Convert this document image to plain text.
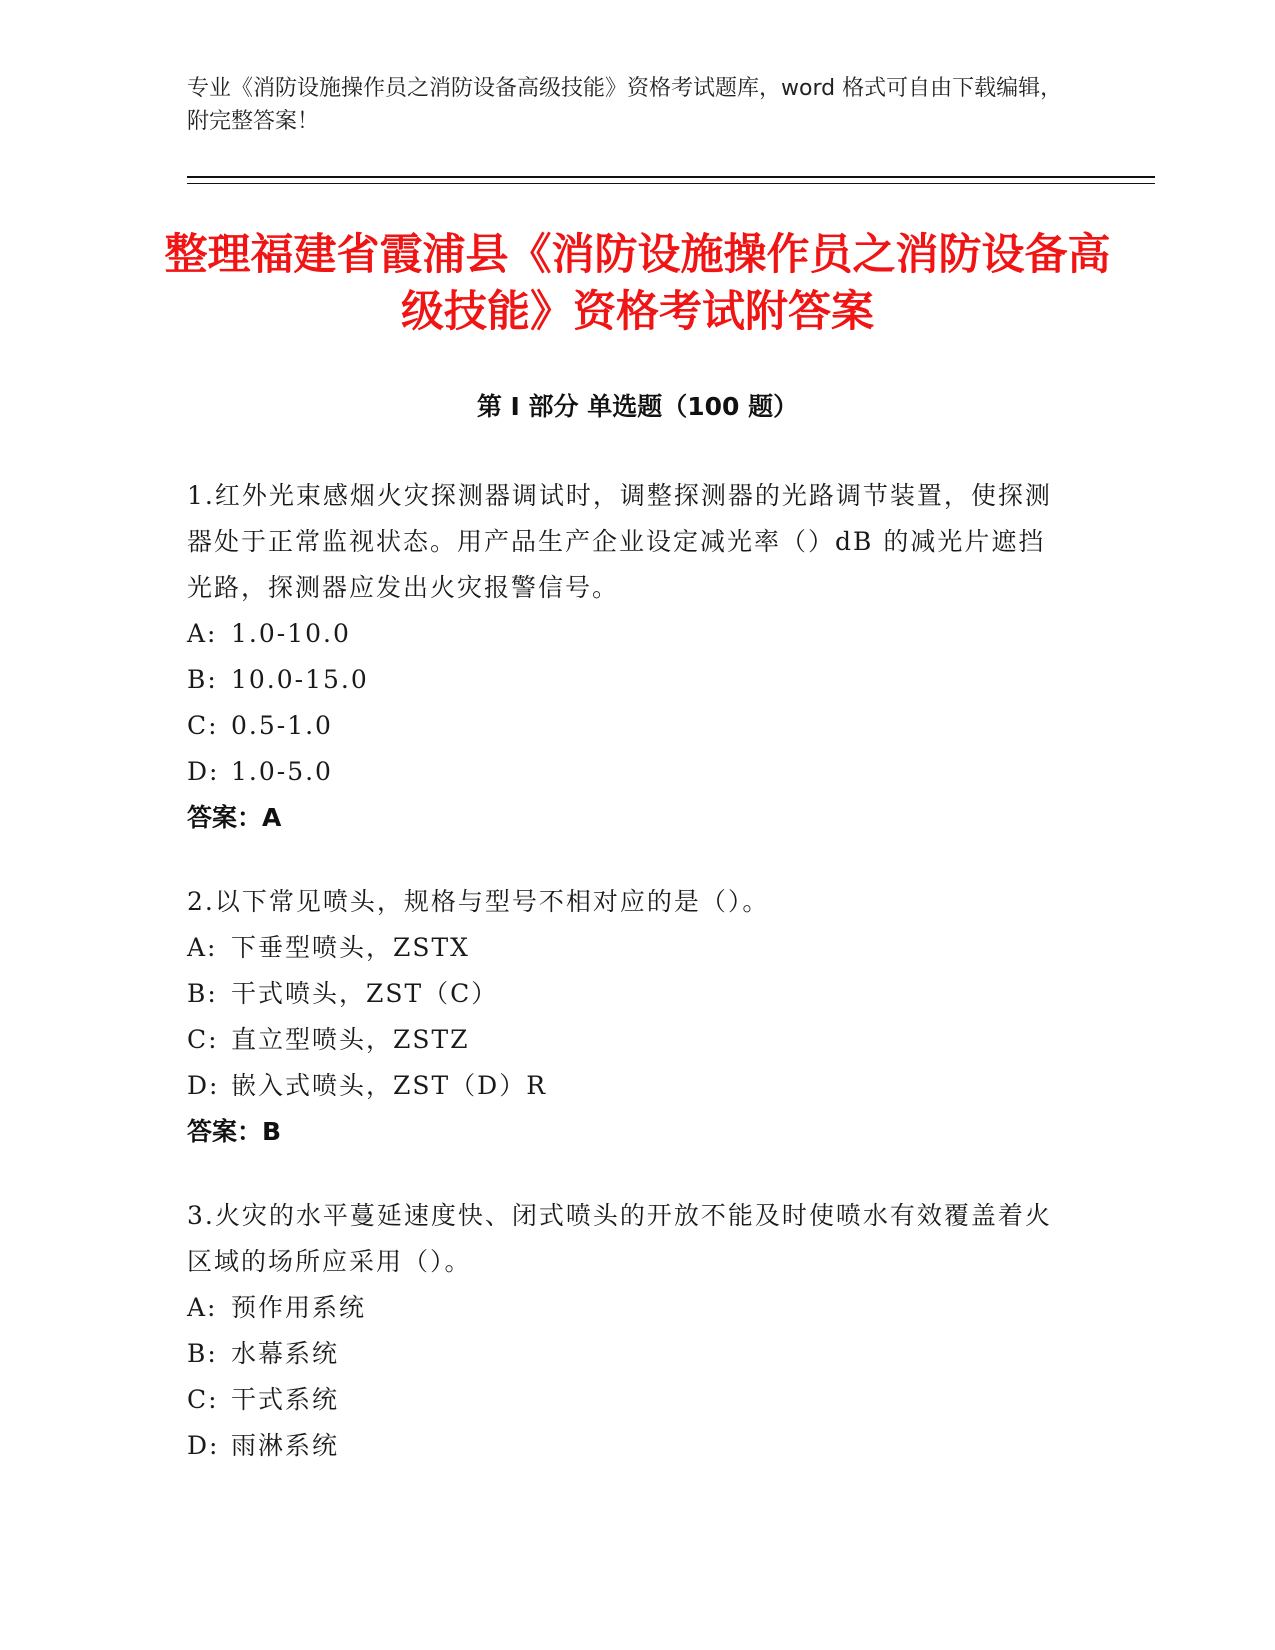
专业《消防设施操作员之消防设备高级技能》资格考试题库，word 格式可自由下载编辑，附完整答案！
整理福建省霞浦县《消防设施操作员之消防设备高级技能》资格考试附答案
第 I 部分 单选题（100 题）

1.红外光束感烟火灾探测器调试时，调整探测器的光路调节装置，使探测器处于正常监视状态。用产品生产企业设定减光率（）dB 的减光片遮挡光路，探测器应发出火灾报警信号。

A: 1.0-10.0

B: 10.0-15.0

C: 0.5-1.0

D: 1.0-5.0

答案：A

2.以下常见喷头，规格与型号不相对应的是（）。

A: 下垂型喷头，ZSTX

B: 干式喷头，ZST（C）

C: 直立型喷头，ZSTZ

D: 嵌入式喷头，ZST（D）R

答案：B

3.火灾的水平蔓延速度快、闭式喷头的开放不能及时使喷水有效覆盖着火区域的场所应采用（）。

A: 预作用系统

B: 水幕系统

C: 干式系统

D: 雨淋系统
